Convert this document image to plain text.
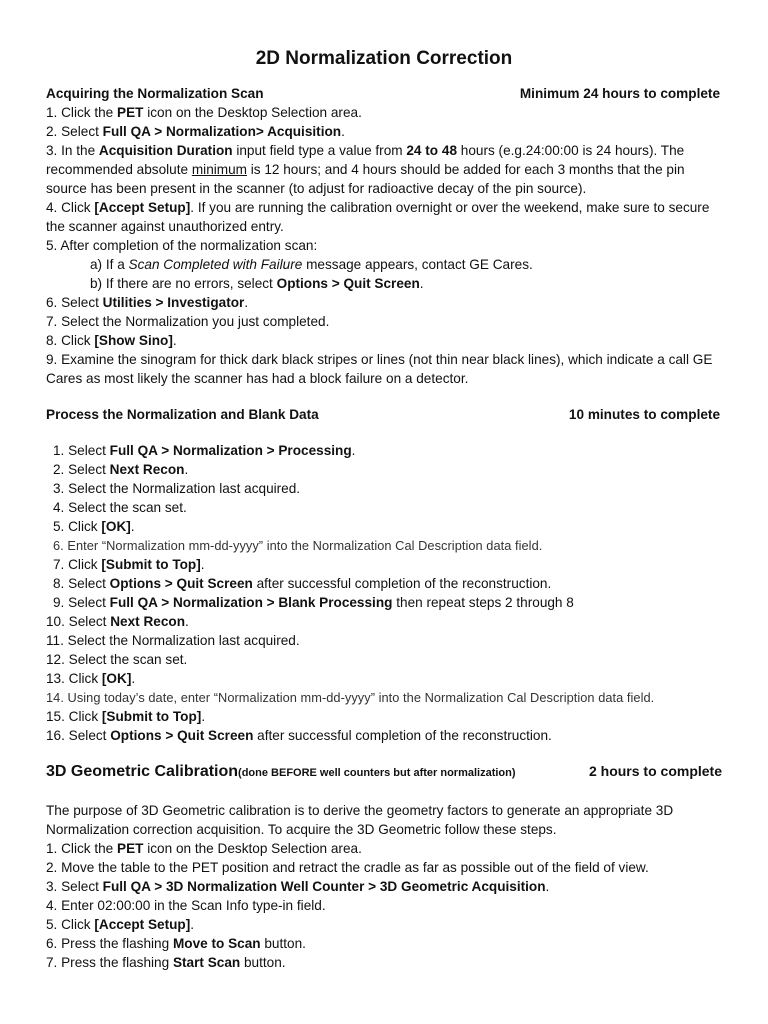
2D Normalization Correction
Acquiring the Normalization Scan	Minimum 24 hours to complete
1. Click the PET icon on the Desktop Selection area.
2. Select Full QA > Normalization> Acquisition.
3. In the Acquisition Duration input field type a value from 24 to 48 hours (e.g.24:00:00 is 24 hours). The recommended absolute minimum is 12 hours; and 4 hours should be added for each 3 months that the pin source has been present in the scanner (to adjust for radioactive decay of the pin source).
4. Click [Accept Setup]. If you are running the calibration overnight or over the weekend, make sure to secure the scanner against unauthorized entry.
5. After completion of the normalization scan:
a) If a Scan Completed with Failure message appears, contact GE Cares.
b) If there are no errors, select Options > Quit Screen.
6. Select Utilities > Investigator.
7. Select the Normalization you just completed.
8. Click [Show Sino].
9. Examine the sinogram for thick dark black stripes or lines (not thin near black lines), which indicate a call GE Cares as most likely the scanner has had a block failure on a detector.
Process the Normalization and Blank Data	10 minutes to complete
1. Select Full QA > Normalization > Processing.
2. Select Next Recon.
3. Select the Normalization last acquired.
4. Select the scan set.
5. Click [OK].
6. Enter “Normalization mm-dd-yyyy” into the Normalization Cal Description data field.
7. Click [Submit to Top].
8. Select Options > Quit Screen after successful completion of the reconstruction.
9. Select Full QA > Normalization > Blank Processing then repeat steps 2 through 8
10. Select Next Recon.
11. Select the Normalization last acquired.
12. Select the scan set.
13. Click [OK].
14. Using today’s date, enter “Normalization mm-dd-yyyy” into the Normalization Cal Description data field.
15. Click [Submit to Top].
16. Select Options > Quit Screen after successful completion of the reconstruction.
3D Geometric Calibration(done BEFORE well counters but after normalization)	2 hours to complete
The purpose of 3D Geometric calibration is to derive the geometry factors to generate an appropriate 3D Normalization correction acquisition. To acquire the 3D Geometric follow these steps.
1. Click the PET icon on the Desktop Selection area.
2. Move the table to the PET position and retract the cradle as far as possible out of the field of view.
3. Select Full QA > 3D Normalization Well Counter > 3D Geometric Acquisition.
4. Enter 02:00:00 in the Scan Info type-in field.
5. Click [Accept Setup].
6. Press the flashing Move to Scan button.
7. Press the flashing Start Scan button.
